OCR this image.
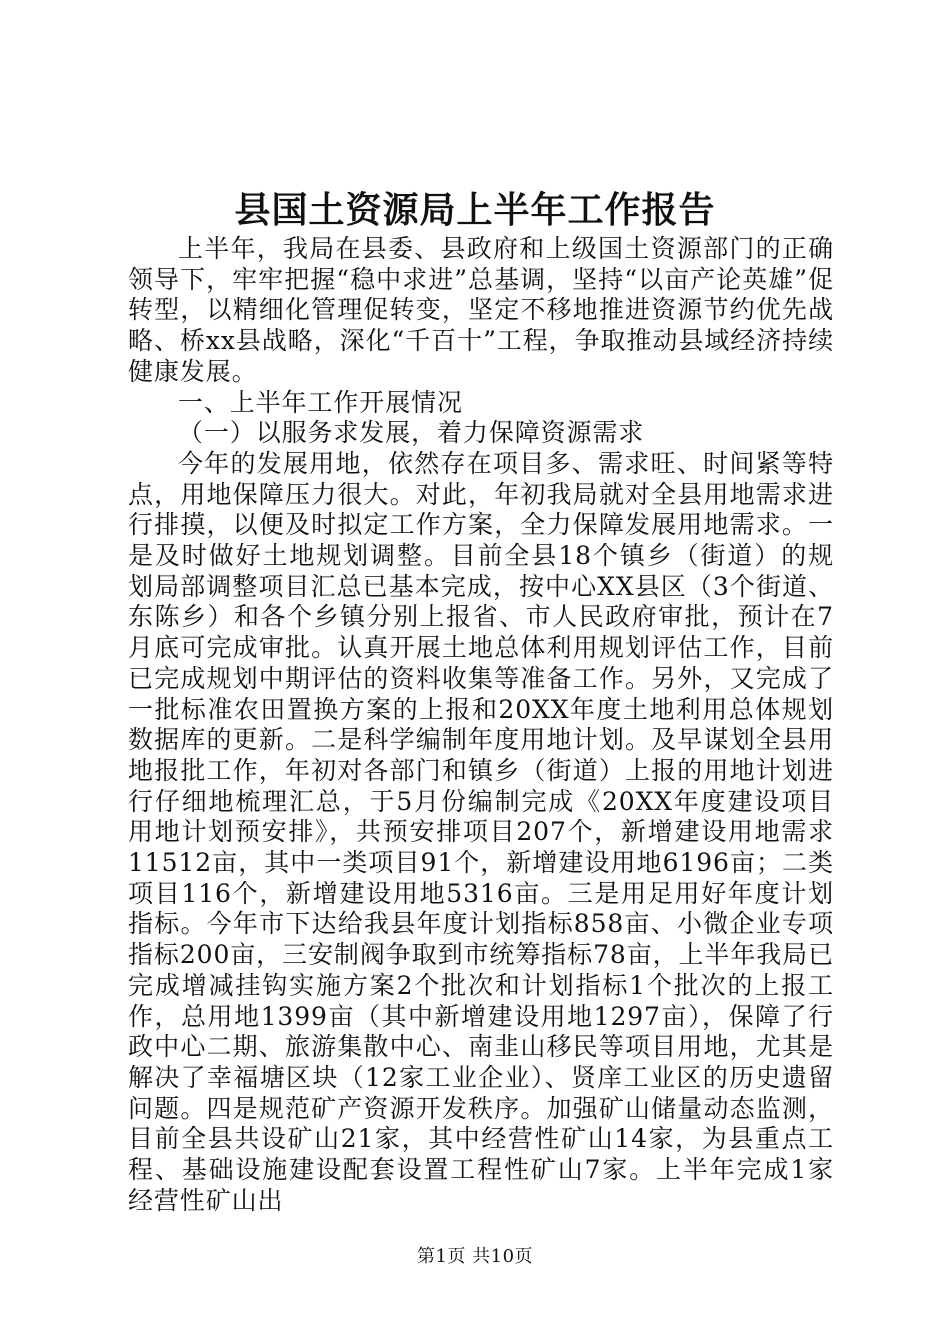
县国土资源局上半年工作报告

上半年，我局在县委、县政府和上级国土资源部门的正确领导下，牢牢把握“稳中求进”总基调，坚持“以亩产论英雄”促转型，以精细化管理促转变，坚定不移地推进资源节约优先战略、桥xx县战略，深化“千百十”工程，争取推动县域经济持续健康发展。

一、上半年工作开展情况

（一）以服务求发展，着力保障资源需求

今年的发展用地，依然存在项目多、需求旺、时间紧等特点，用地保障压力很大。对此，年初我局就对全县用地需求进行排摸，以便及时拟定工作方案，全力保障发展用地需求。一是及时做好土地规划调整。目前全县18个镇乡（街道）的规划局部调整项目汇总已基本完成，按中心XX县区（3个街道、东陈乡）和各个乡镇分别上报省、市人民政府审批，预计在7月底可完成审批。认真开展土地总体利用规划评估工作，目前已完成规划中期评估的资料收集等准备工作。另外，又完成了一批标准农田置换方案的上报和20XX年度土地利用总体规划数据库的更新。二是科学编制年度用地计划。及早谋划全县用地报批工作，年初对各部门和镇乡（街道）上报的用地计划进行仔细地梳理汇总，于5月份编制完成《20XX年度建设项目用地计划预安排》，共预安排项目207个，新增建设用地需求11512亩，其中一类项目91个，新增建设用地6196亩；二类项目116个，新增建设用地5316亩。三是用足用好年度计划指标。今年市下达给我县年度计划指标858亩、小微企业专项指标200亩，三安制阀争取到市统筹指标78亩，上半年我局已完成增减挂钩实施方案2个批次和计划指标1个批次的上报工作，总用地1399亩（其中新增建设用地1297亩），保障了行政中心二期、旅游集散中心、南韭山移民等项目用地，尤其是解决了幸福塘区块（12家工业企业）、贤庠工业区的历史遗留问题。四是规范矿产资源开发秩序。加强矿山储量动态监测，目前全县共设矿山21家，其中经营性矿山14家，为县重点工程、基础设施建设配套设置工程性矿山7家。上半年完成1家经营性矿山出

第1页 共10页
